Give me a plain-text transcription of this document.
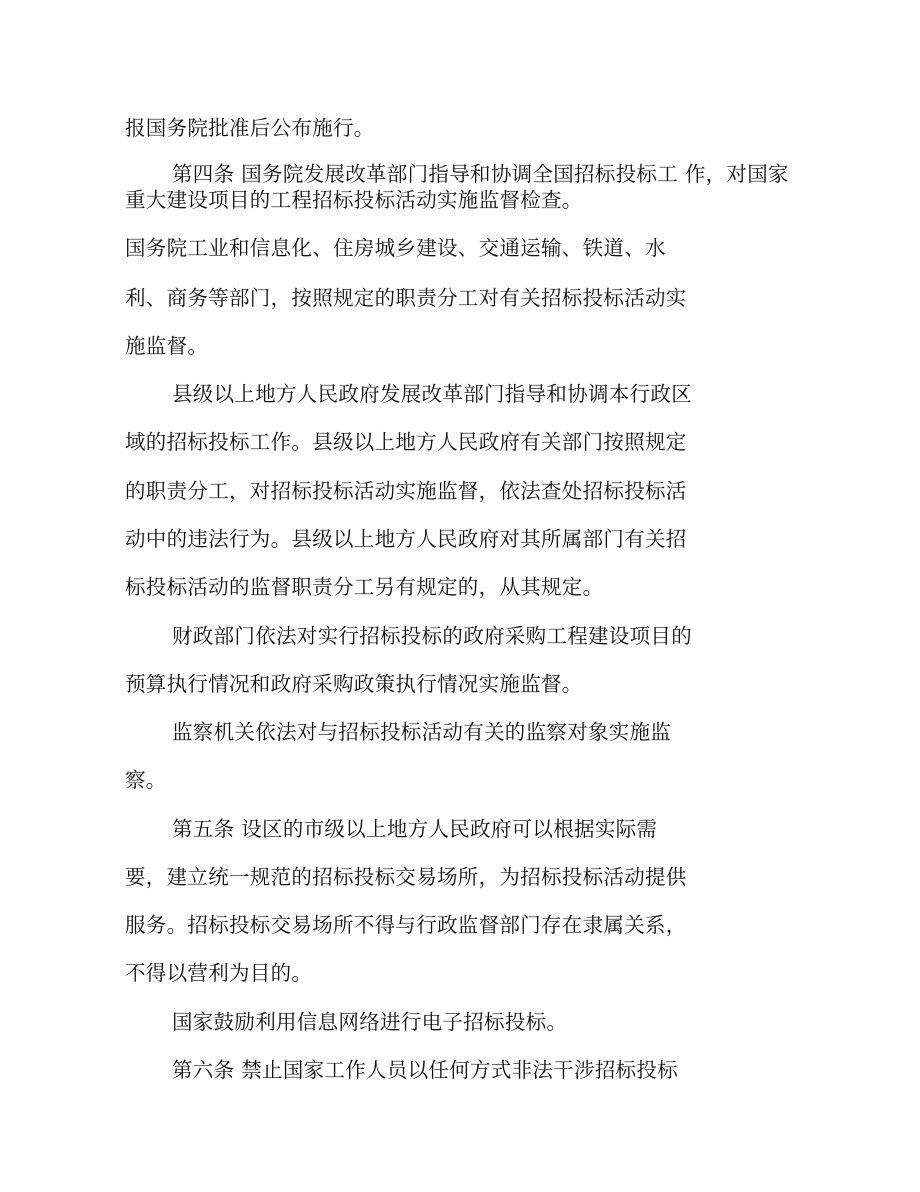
报国务院批准后公布施行。
第四条 国务院发展改革部门指导和协调全国招标投标工 作，对国家
重大建设项目的工程招标投标活动实施监督检查。
国务院工业和信息化、住房城乡建设、交通运输、铁道、水
利、商务等部门，按照规定的职责分工对有关招标投标活动实
施监督。
县级以上地方人民政府发展改革部门指导和协调本行政区
域的招标投标工作。县级以上地方人民政府有关部门按照规定
的职责分工，对招标投标活动实施监督，依法查处招标投标活
动中的违法行为。县级以上地方人民政府对其所属部门有关招
标投标活动的监督职责分工另有规定的，从其规定。
财政部门依法对实行招标投标的政府采购工程建设项目的
预算执行情况和政府采购政策执行情况实施监督。
监察机关依法对与招标投标活动有关的监察对象实施监
察。
第五条 设区的市级以上地方人民政府可以根据实际需
要，建立统一规范的招标投标交易场所，为招标投标活动提供
服务。招标投标交易场所不得与行政监督部门存在隶属关系，
不得以营利为目的。
国家鼓励利用信息网络进行电子招标投标。
第六条 禁止国家工作人员以任何方式非法干涉招标投标
